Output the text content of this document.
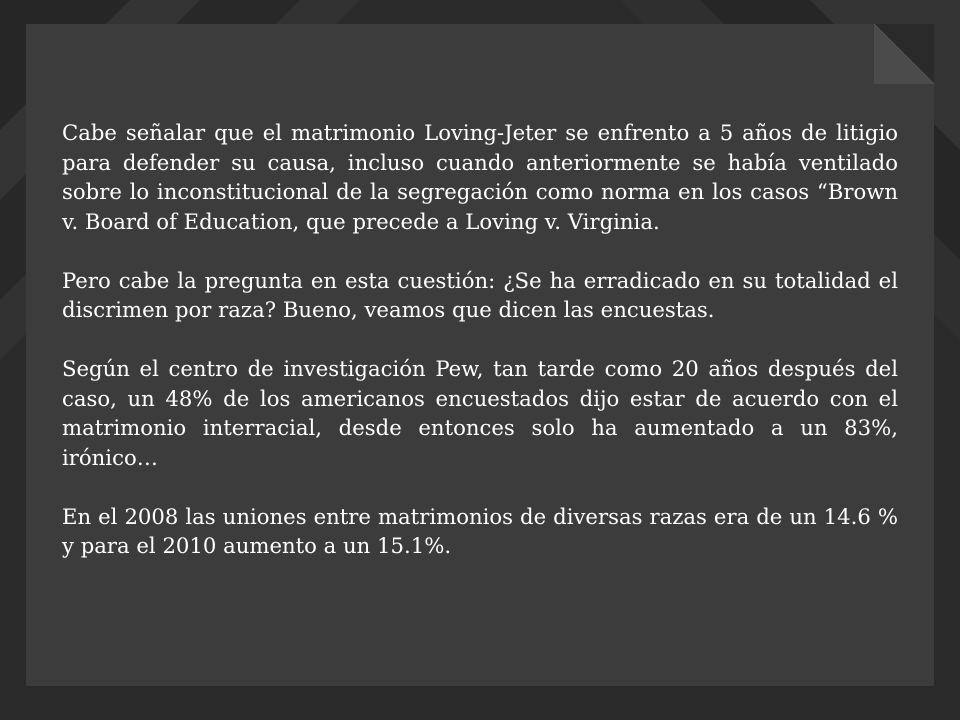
Cabe señalar que el matrimonio Loving-Jeter se enfrento a 5 años de litigio para defender su causa, incluso cuando anteriormente se había ventilado sobre lo inconstitucional de la segregación como norma en los casos “Brown v. Board of Education, que precede a Loving v. Virginia.

Pero cabe la pregunta en esta cuestión: ¿Se ha erradicado en su totalidad el discrimen por raza? Bueno, veamos que dicen las encuestas.

Según el centro de investigación Pew, tan tarde como 20 años después del caso, un 48% de los americanos encuestados dijo estar de acuerdo con el matrimonio interracial, desde entonces solo ha aumentado a un 83%, irónico…

En el 2008 las uniones entre matrimonios de diversas razas era de un 14.6 % y para el 2010 aumento a un 15.1%.
